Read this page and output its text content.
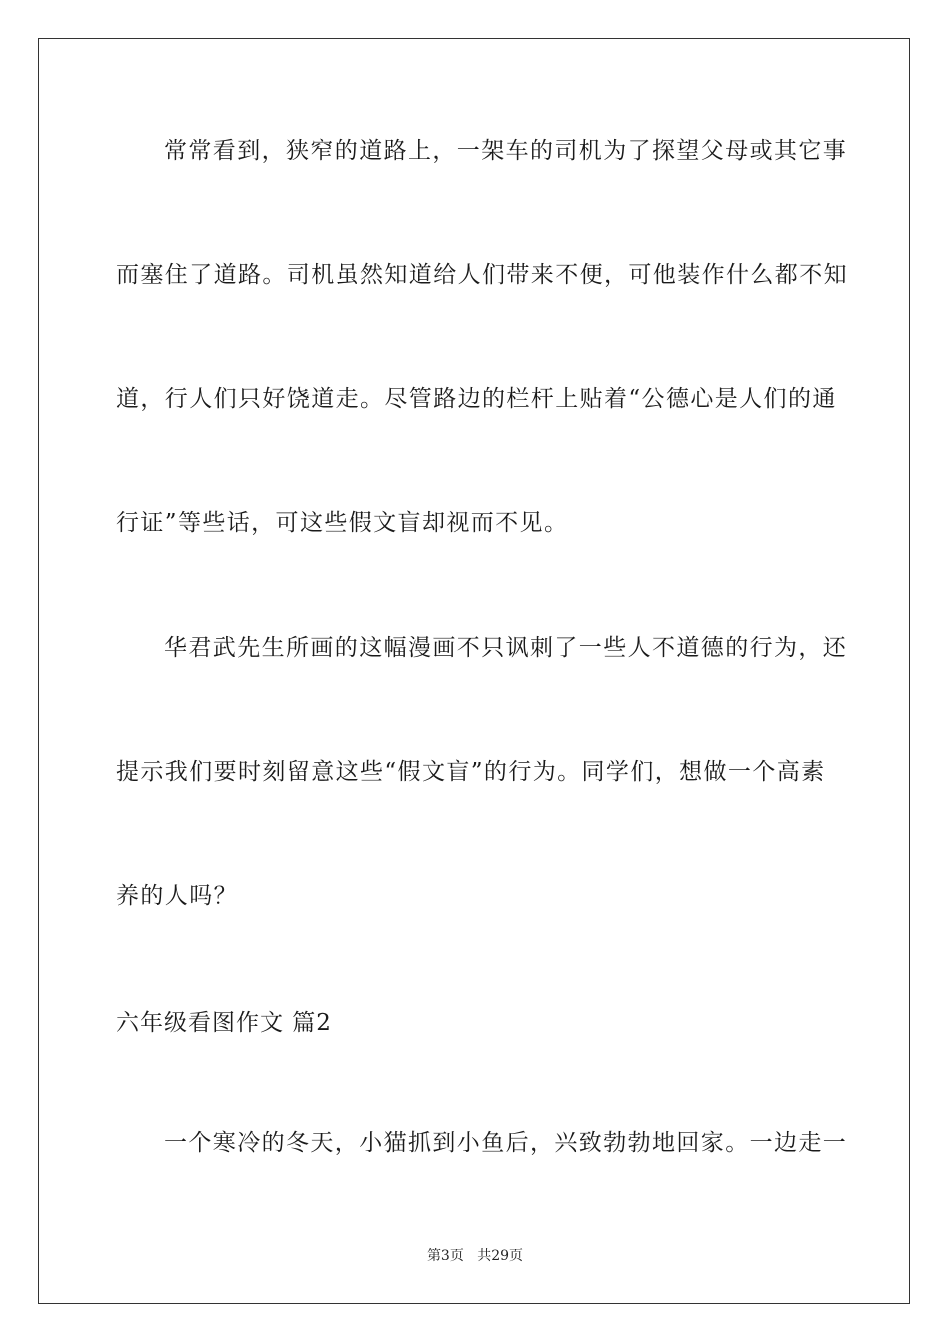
常常看到，狭窄的道路上，一架车的司机为了探望父母或其它事
而塞住了道路。司机虽然知道给人们带来不便，可他装作什么都不知
道，行人们只好饶道走。尽管路边的栏杆上贴着“公德心是人们的通
行证”等些话，可这些假文盲却视而不见。
华君武先生所画的这幅漫画不只讽刺了一些人不道德的行为，还
提示我们要时刻留意这些“假文盲”的行为。同学们，想做一个高素
养的人吗？
六年级看图作文 篇2
一个寒冷的冬天，小猫抓到小鱼后，兴致勃勃地回家。一边走一
第3页 共29页
